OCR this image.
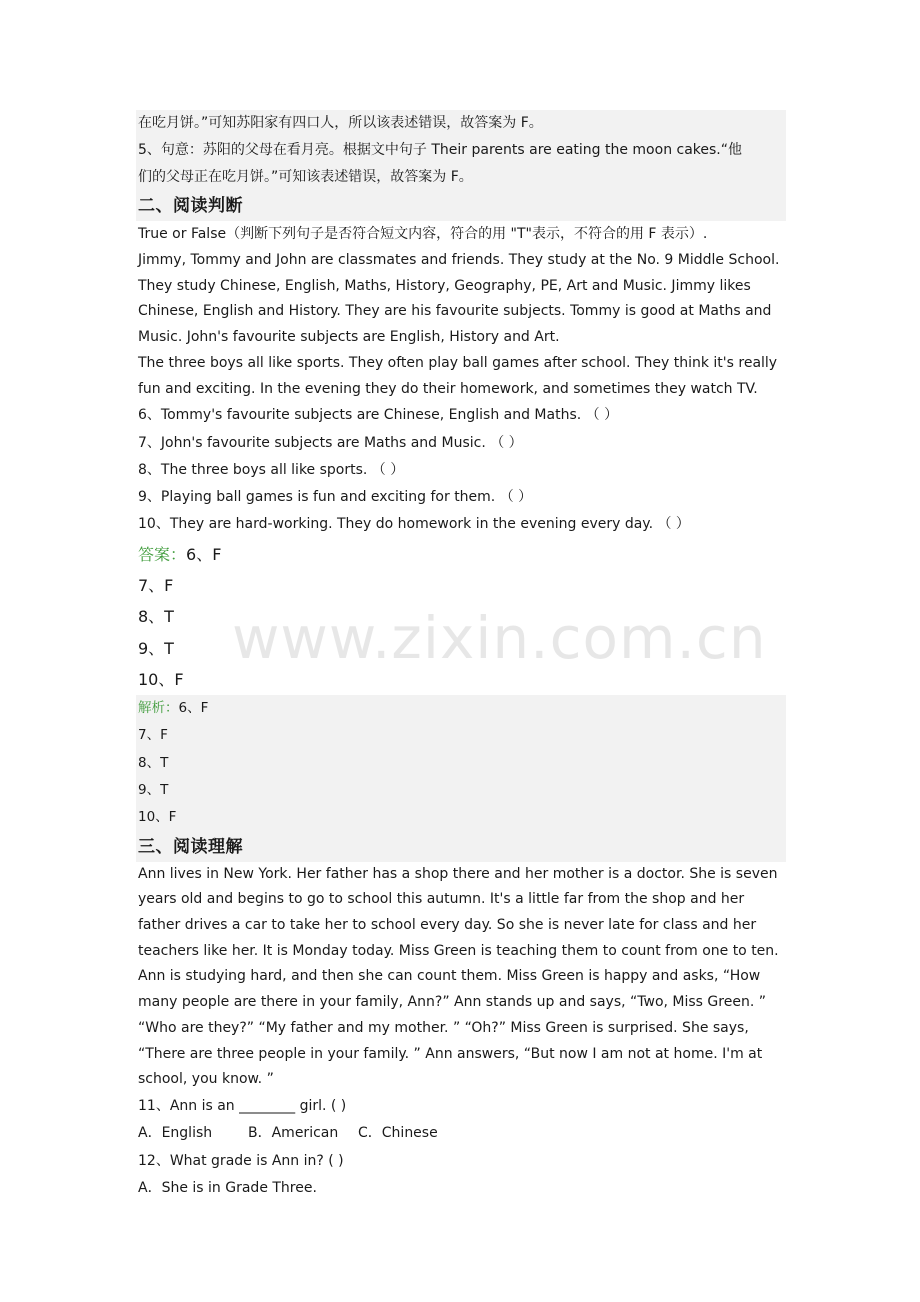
在吃月饼。”可知苏阳家有四口人，所以该表述错误，故答案为 F。
5、句意：苏阳的父母在看月亮。根据文中句子 Their parents are eating the moon cakes.“他
们的父母正在吃月饼。”可知该表述错误，故答案为 F。
二、阅读判断
True or False（判断下列句子是否符合短文内容，符合的用 "T"表示，不符合的用 F 表示）.
Jimmy, Tommy and John are classmates and friends. They study at the No. 9 Middle School. They study Chinese, English, Maths, History, Geography, PE, Art and Music. Jimmy likes Chinese, English and History. They are his favourite subjects. Tommy is good at Maths and Music. John's favourite subjects are English, History and Art.
The three boys all like sports. They often play ball games after school. They think it's really fun and exciting. In the evening they do their homework, and sometimes they watch TV.
6、Tommy's favourite subjects are Chinese, English and Maths. （ ）
7、John's favourite subjects are Maths and Music. （ ）
8、The three boys all like sports. （ ）
9、Playing ball games is fun and exciting for them. （ ）
10、They are hard-working. They do homework in the evening every day. （ ）
答案：6、F
7、F
8、T
9、T
10、F
解析：6、F
7、F
8、T
9、T
10、F
三、阅读理解
Ann lives in New York. Her father has a shop there and her mother is a doctor. She is seven years old and begins to go to school this autumn. It's a little far from the shop and her father drives a car to take her to school every day. So she is never late for class and her teachers like her. It is Monday today. Miss Green is teaching them to count from one to ten. Ann is studying hard, and then she can count them. Miss Green is happy and asks, “How many people are there in your family, Ann?” Ann stands up and says, “Two, Miss Green. ” “Who are they?” “My father and my mother. ” “Oh?” Miss Green is surprised. She says, “There are three people in your family. ” Ann answers, “But now I am not at home. I'm at school, you know. ”
11、Ann is an ________ girl. ( )
A．English	B．American C．Chinese
12、What grade is Ann in? ( )
A．She is in Grade Three.
www.zixin.com.cn
